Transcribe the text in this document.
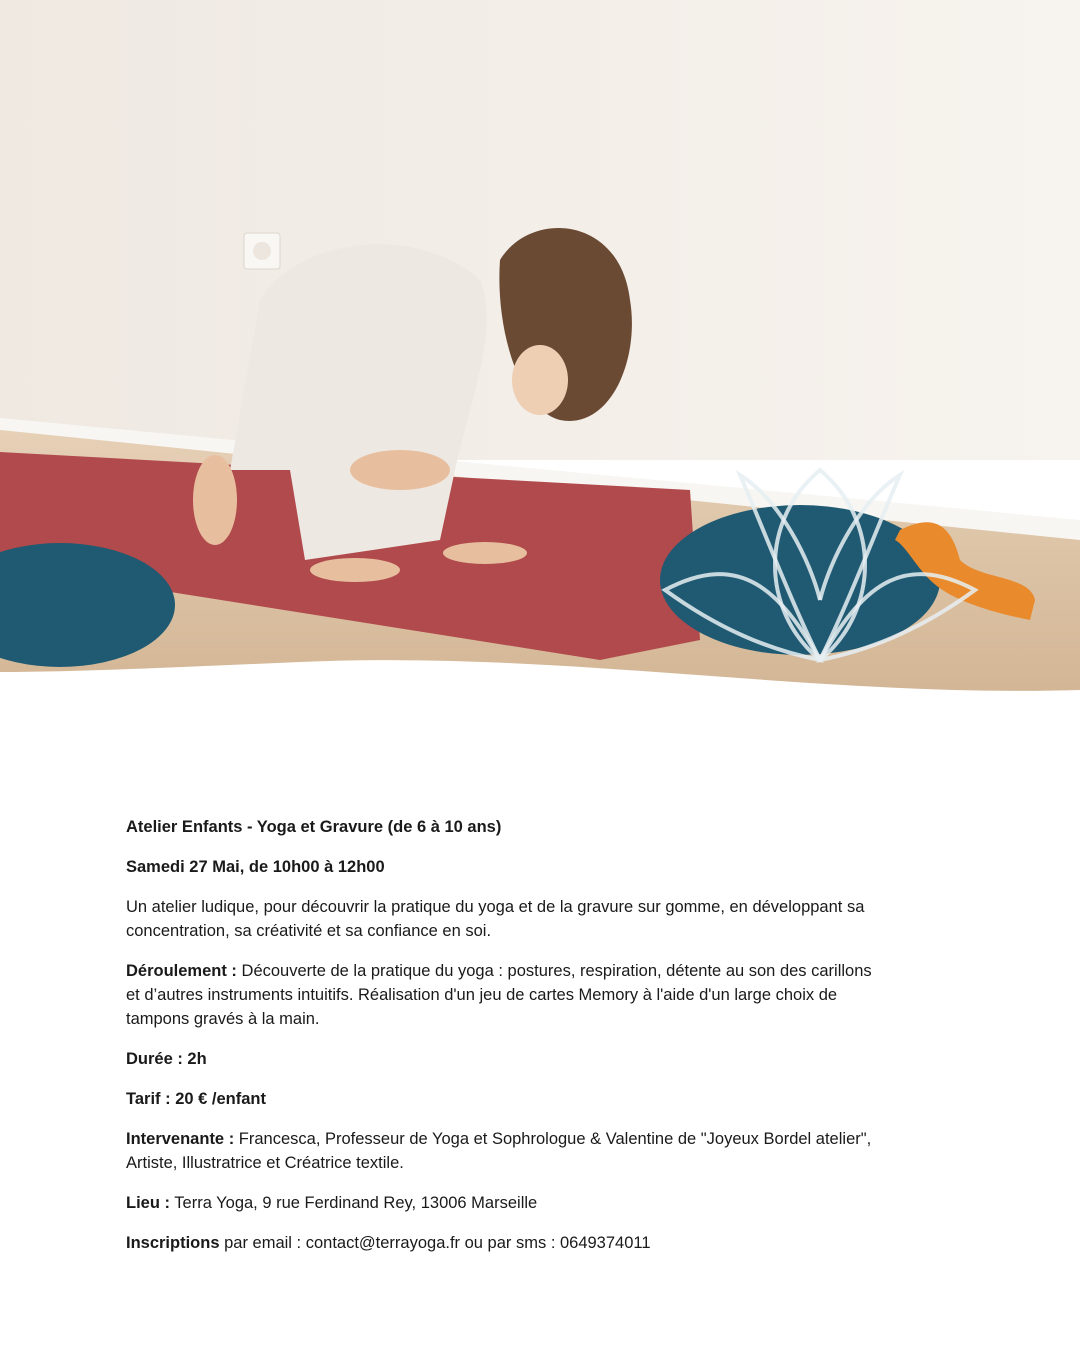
Atelier Enfants - Yoga et Gravure (de 6 à 10 ans)

Samedi 27 Mai, de 10h00 à 12h00

Un atelier ludique, pour découvrir la pratique du yoga et de la gravure sur gomme, en développant sa concentration, sa créativité et sa confiance en soi.

Déroulement : Découverte de la pratique du yoga : postures, respiration, détente au son des carillons et d’autres instruments intuitifs. Réalisation d'un jeu de cartes Memory à l'aide d'un large choix de tampons gravés à la main.

Durée : 2h

Tarif : 20 € /enfant

Intervenante : Francesca, Professeur de Yoga et Sophrologue & Valentine de "Joyeux Bordel atelier", Artiste, Illustratrice et Créatrice textile.

Lieu : Terra Yoga, 9 rue Ferdinand Rey, 13006 Marseille

Inscriptions par email : contact@terrayoga.fr ou par sms : 0649374011
